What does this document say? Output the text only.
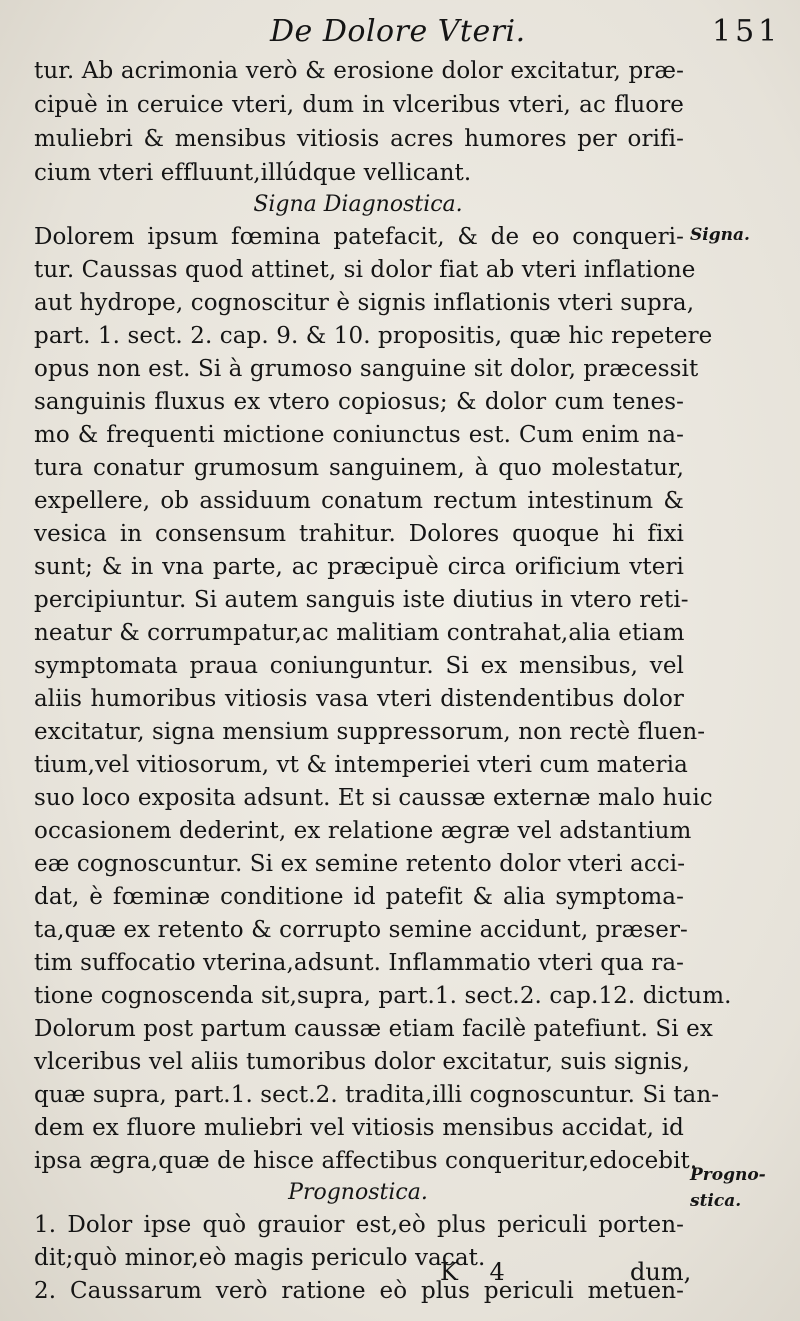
De Dolore Vteri.	151
tur. Ab acrimonia verò & erosione dolor excitatur, præ-
cipuè in ceruice vteri, dum in vlceribus vteri, ac fluore
muliebri & mensibus vitiosis acres humores per orifi-
cium vteri effluunt,illúdque vellicant.
Signa Diagnostica.
Dolorem ipsum fœmina patefacit, & de eo conqueri-
tur. Caussas quod attinet, si dolor fiat ab vteri inflatione
aut hydrope, cognoscitur è signis inflationis vteri supra,
part. 1. sect. 2. cap. 9. & 10. propositis, quæ hic repetere
opus non est. Si à grumoso sanguine sit dolor, præcessit
sanguinis fluxus ex vtero copiosus; & dolor cum tenes-
mo & frequenti mictione coniunctus est. Cum enim na-
tura conatur grumosum sanguinem, à quo molestatur,
expellere, ob assiduum conatum rectum intestinum &
vesica in consensum trahitur. Dolores quoque hi fixi
sunt; & in vna parte, ac præcipuè circa orificium vteri
percipiuntur. Si autem sanguis iste diutius in vtero reti-
neatur & corrumpatur,ac malitiam contrahat,alia etiam
symptomata praua coniunguntur. Si ex mensibus, vel
aliis humoribus vitiosis vasa vteri distendentibus dolor
excitatur, signa mensium suppressorum, non rectè fluen-
tium,vel vitiosorum, vt & intemperiei vteri cum materia
suo loco exposita adsunt. Et si caussæ externæ malo huic
occasionem dederint, ex relatione ægræ vel adstantium
eæ cognoscuntur. Si ex semine retento dolor vteri acci-
dat, è fœminæ conditione id patefit & alia symptoma-
ta,quæ ex retento & corrupto semine accidunt, præser-
tim suffocatio vterina,adsunt. Inflammatio vteri qua ra-
tione cognoscenda sit,supra, part.1. sect.2. cap.12. dictum.
Dolorum post partum caussæ etiam facilè patefiunt. Si ex
vlceribus vel aliis tumoribus dolor excitatur, suis signis,
quæ supra, part.1. sect.2. tradita,illi cognoscuntur. Si tan-
dem ex fluore muliebri vel vitiosis mensibus accidat, id
ipsa ægra,quæ de hisce affectibus conqueritur,edocebit.
Prognostica.
1. Dolor ipse quò grauior est,eò plus periculi porten-
dit;quò minor,eò magis periculo vacat.
2. Caussarum verò ratione eò plus periculi metuen-
Signa.
Progno-
stica.
K 4	dum,
